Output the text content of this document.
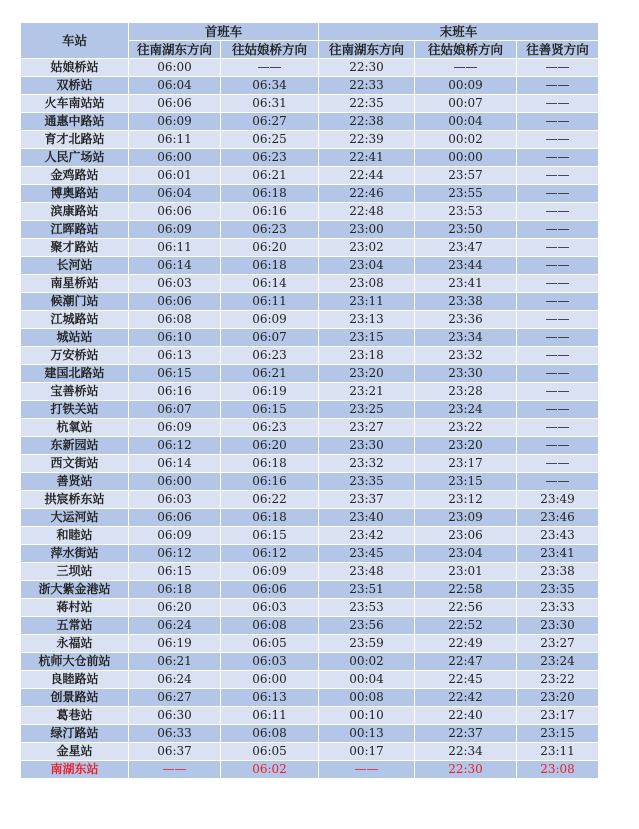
车站	首班车		末班车		
	往南湖东方向	往姑娘桥方向	往南湖东方向	往姑娘桥方向	往善贤方向
姑娘桥站	06:00	——	22:30	——	——
双桥站	06:04	06:34	22:33	00:09	——
火车南站站	06:06	06:31	22:35	00:07	——
通惠中路站	06:09	06:27	22:38	00:04	——
育才北路站	06:11	06:25	22:39	00:02	——
人民广场站	06:00	06:23	22:41	00:00	——
金鸡路站	06:01	06:21	22:44	23:57	——
博奥路站	06:04	06:18	22:46	23:55	——
滨康路站	06:06	06:16	22:48	23:53	——
江晖路站	06:09	06:23	23:00	23:50	——
聚才路站	06:11	06:20	23:02	23:47	——
长河站	06:14	06:18	23:04	23:44	——
南星桥站	06:03	06:14	23:08	23:41	——
候潮门站	06:06	06:11	23:11	23:38	——
江城路站	06:08	06:09	23:13	23:36	——
城站站	06:10	06:07	23:15	23:34	——
万安桥站	06:13	06:23	23:18	23:32	——
建国北路站	06:15	06:21	23:20	23:30	——
宝善桥站	06:16	06:19	23:21	23:28	——
打铁关站	06:07	06:15	23:25	23:24	——
杭氧站	06:09	06:23	23:27	23:22	——
东新园站	06:12	06:20	23:30	23:20	——
西文街站	06:14	06:18	23:32	23:17	——
善贤站	06:00	06:16	23:35	23:15	——
拱宸桥东站	06:03	06:22	23:37	23:12	23:49
大运河站	06:06	06:18	23:40	23:09	23:46
和睦站	06:09	06:15	23:42	23:06	23:43
萍水街站	06:12	06:12	23:45	23:04	23:41
三坝站	06:15	06:09	23:48	23:01	23:38
浙大紫金港站	06:18	06:06	23:51	22:58	23:35
蒋村站	06:20	06:03	23:53	22:56	23:33
五常站	06:24	06:08	23:56	22:52	23:30
永福站	06:19	06:05	23:59	22:49	23:27
杭师大仓前站	06:21	06:03	00:02	22:47	23:24
良睦路站	06:24	06:00	00:04	22:45	23:22
创景路站	06:27	06:13	00:08	22:42	23:20
葛巷站	06:30	06:11	00:10	22:40	23:17
绿汀路站	06:33	06:08	00:13	22:37	23:15
金星站	06:37	06:05	00:17	22:34	23:11
南湖东站	——	06:02	——	22:30	23:08
